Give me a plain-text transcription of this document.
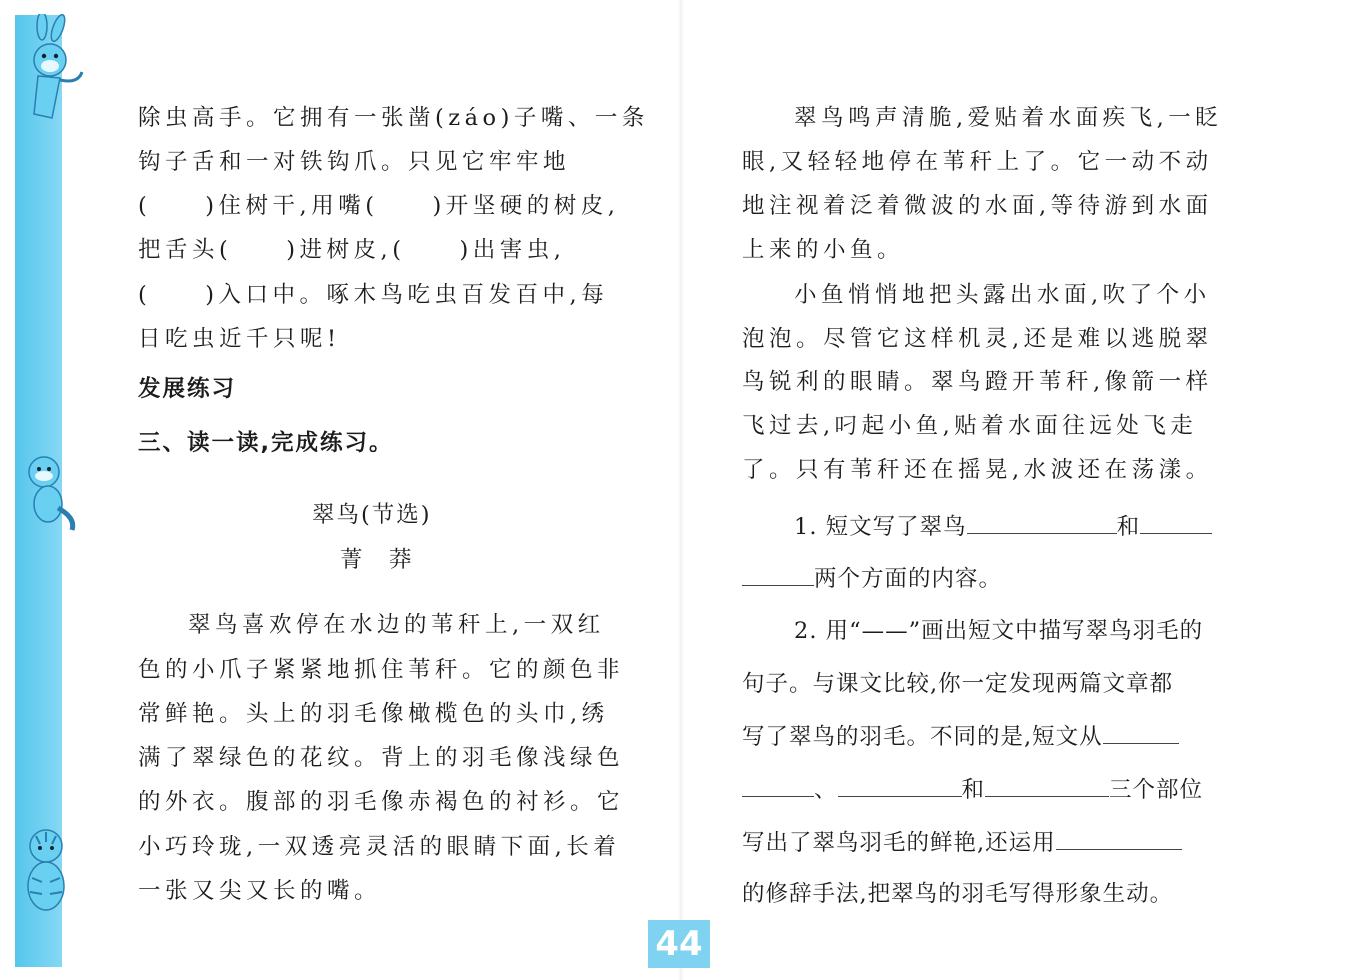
除虫高手。它拥有一张凿(záo)子嘴、一条
钩子舌和一对铁钩爪。只见它牢牢地
(　　)住树干,用嘴(　　)开坚硬的树皮,
把舌头(　　)进树皮,(　　)出害虫,
(　　)入口中。啄木鸟吃虫百发百中,每
日吃虫近千只呢!
发展练习
三、读一读,完成练习。
翠鸟(节选)
菁　莽
翠鸟喜欢停在水边的苇秆上,一双红
色的小爪子紧紧地抓住苇秆。它的颜色非
常鲜艳。头上的羽毛像橄榄色的头巾,绣
满了翠绿色的花纹。背上的羽毛像浅绿色
的外衣。腹部的羽毛像赤褐色的衬衫。它
小巧玲珑,一双透亮灵活的眼睛下面,长着
一张又尖又长的嘴。
翠鸟鸣声清脆,爱贴着水面疾飞,一眨
眼,又轻轻地停在苇秆上了。它一动不动
地注视着泛着微波的水面,等待游到水面
上来的小鱼。
小鱼悄悄地把头露出水面,吹了个小
泡泡。尽管它这样机灵,还是难以逃脱翠
鸟锐利的眼睛。翠鸟蹬开苇秆,像箭一样
飞过去,叼起小鱼,贴着水面往远处飞走
了。只有苇秆还在摇晃,水波还在荡漾。
1. 短文写了翠鸟	和
两个方面的内容。
2. 用“——”画出短文中描写翠鸟羽毛的
句子。与课文比较,你一定发现两篇文章都
写了翠鸟的羽毛。不同的是,短文从
、	和	三个部位
写出了翠鸟羽毛的鲜艳,还运用
的修辞手法,把翠鸟的羽毛写得形象生动。
44
